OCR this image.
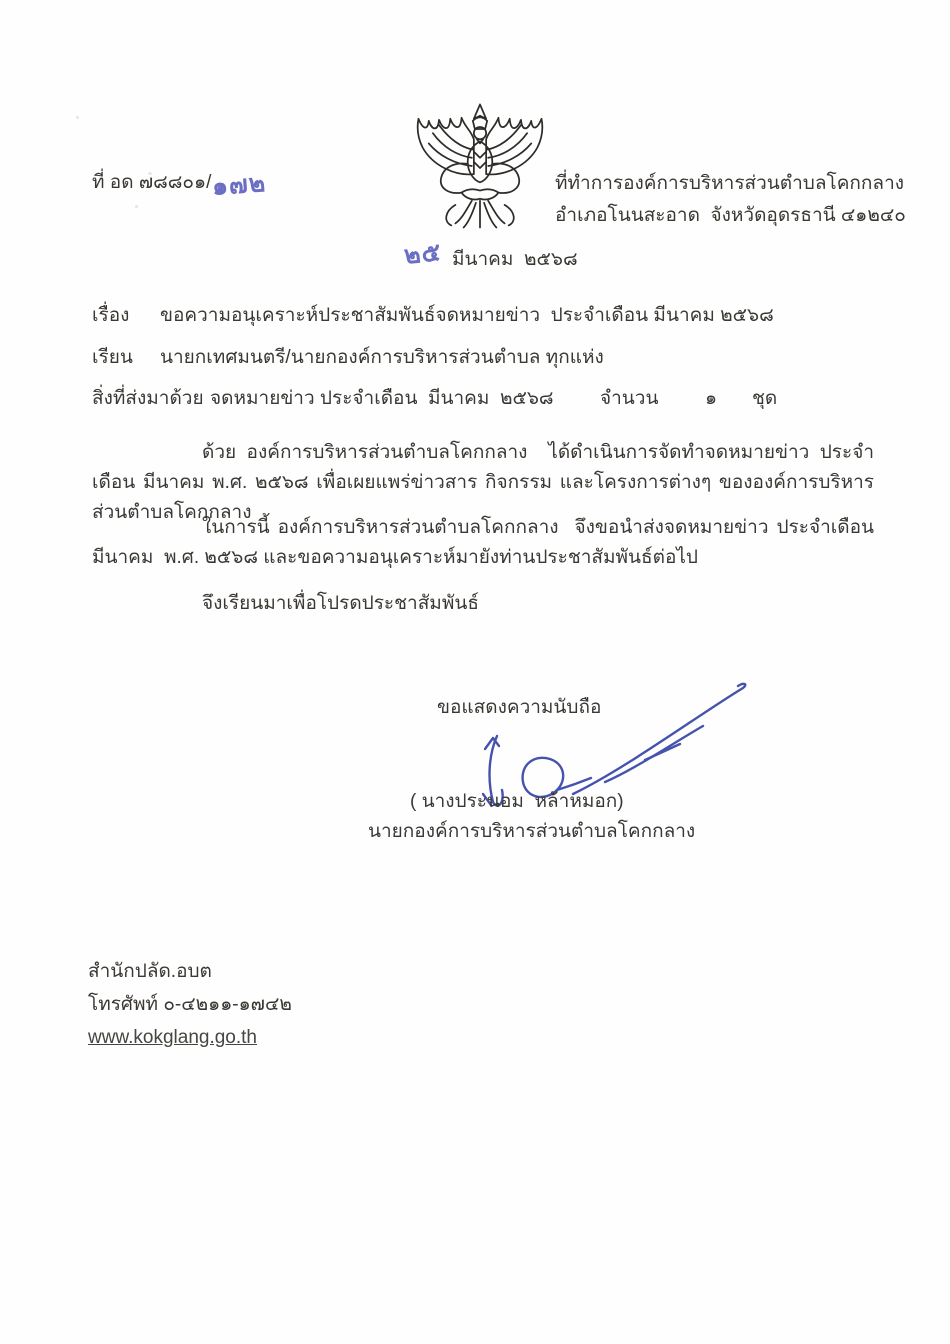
ที่ อด ๗๘๘๐๑/ ๑๗๒	ที่ทำการองค์การบริหารส่วนตำบลโคกกลาง
อำเภอโนนสะอาด  จังหวัดอุดรธานี ๔๑๒๔๐
๒๕ มีนาคม  ๒๕๖๘
เรื่อง ขอความอนุเคราะห์ประชาสัมพันธ์จดหมายข่าว  ประจำเดือน มีนาคม ๒๕๖๘
เรียน นายกเทศมนตรี/นายกองค์การบริหารส่วนตำบล ทุกแห่ง
สิ่งที่ส่งมาด้วย จดหมายข่าว ประจำเดือน  มีนาคม  ๒๕๖๘ จำนวน ๑ ชุด
ด้วย องค์การบริหารส่วนตำบลโคกกลาง  ได้ดำเนินการจัดทำจดหมายข่าว ประจำเดือน มีนาคม พ.ศ. ๒๕๖๘ เพื่อเผยแพร่ข่าวสาร กิจกรรม และโครงการต่างๆ ขององค์การบริหารส่วนตำบลโคกกลาง
ในการนี้ องค์การบริหารส่วนตำบลโคกกลาง  จึงขอนำส่งจดหมายข่าว ประจำเดือน มีนาคม  พ.ศ. ๒๕๖๘ และขอความอนุเคราะห์มายังท่านประชาสัมพันธ์ต่อไป
จึงเรียนมาเพื่อโปรดประชาสัมพันธ์
ขอแสดงความนับถือ

( นางประนอม  หล้าหมอก)
นายกองค์การบริหารส่วนตำบลโคกกลาง
สำนักปลัด.อบต
โทรศัพท์ ๐-๔๒๑๑-๑๗๔๒
www.kokglang.go.th
